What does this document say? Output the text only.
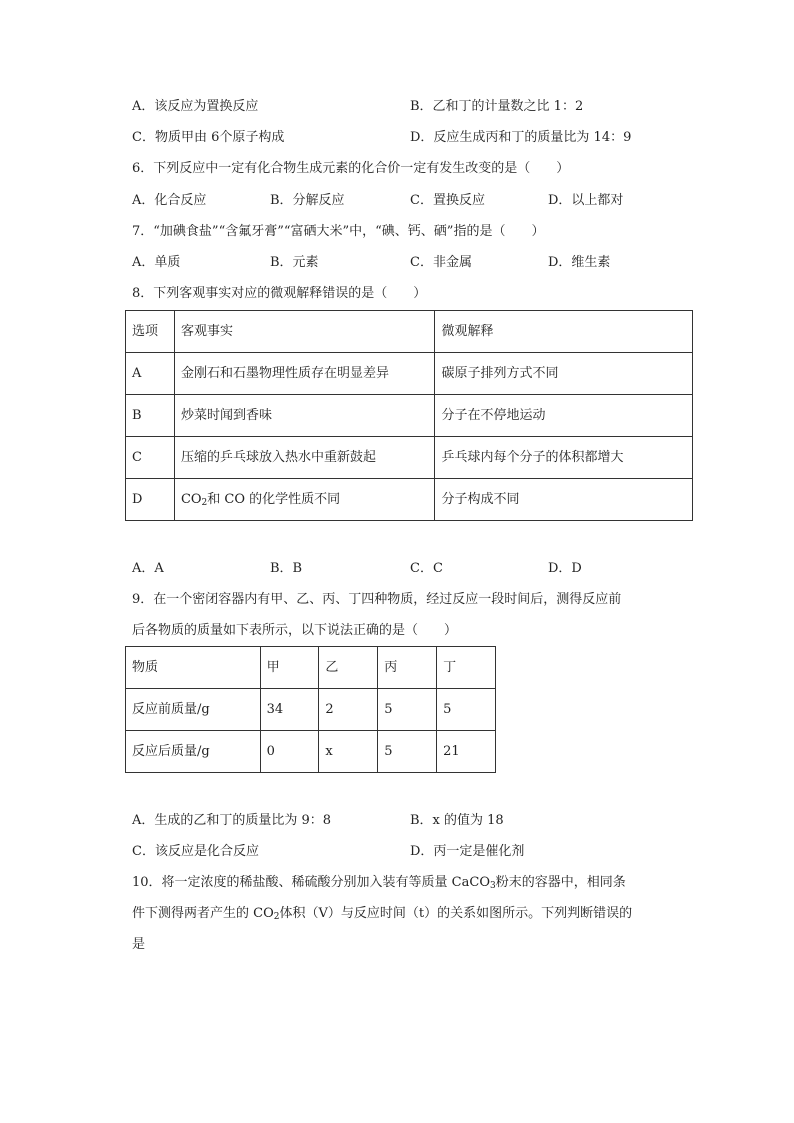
A．该反应为置换反应	B．乙和丁的计量数之比 1：2
C．物质甲由 6个原子构成	D．反应生成丙和丁的质量比为 14：9
6．下列反应中一定有化合物生成元素的化合价一定有发生改变的是（　　）
A．化合反应	B．分解反应	C．置换反应	D．以上都对
7．“加碘食盐”“含氟牙膏”“富硒大米”中，“碘、钙、硒”指的是（　　）
A．单质	B．元素	C．非金属	D．维生素
8．下列客观事实对应的微观解释错误的是（　　）
选项	客观事实	微观解释
A	金刚石和石墨物理性质存在明显差异	碳原子排列方式不同
B	炒菜时闻到香味	分子在不停地运动
C	压缩的乒乓球放入热水中重新鼓起	乒乓球内每个分子的体积都增大
D	$CO_2$和 CO 的化学性质不同	分子构成不同
A．A	B．B	C．C	D．D
9．在一个密闭容器内有甲、乙、丙、丁四种物质，经过反应一段时间后，测得反应前
后各物质的质量如下表所示，以下说法正确的是（　　）
物质	甲	乙	丙	丁
反应前质量/g	34	2	5	5
反应后质量/g	0	x	5	21
A．生成的乙和丁的质量比为 9：8	B．x 的值为 18
C．该反应是化合反应	D．丙一定是催化剂
10．将一定浓度的稀盐酸、稀硫酸分别加入装有等质量 CaCO$_3$粉末的容器中，相同条
件下测得两者产生的 $CO_2$体积（V）与反应时间（t）的关系如图所示。下列判断错误的
是
